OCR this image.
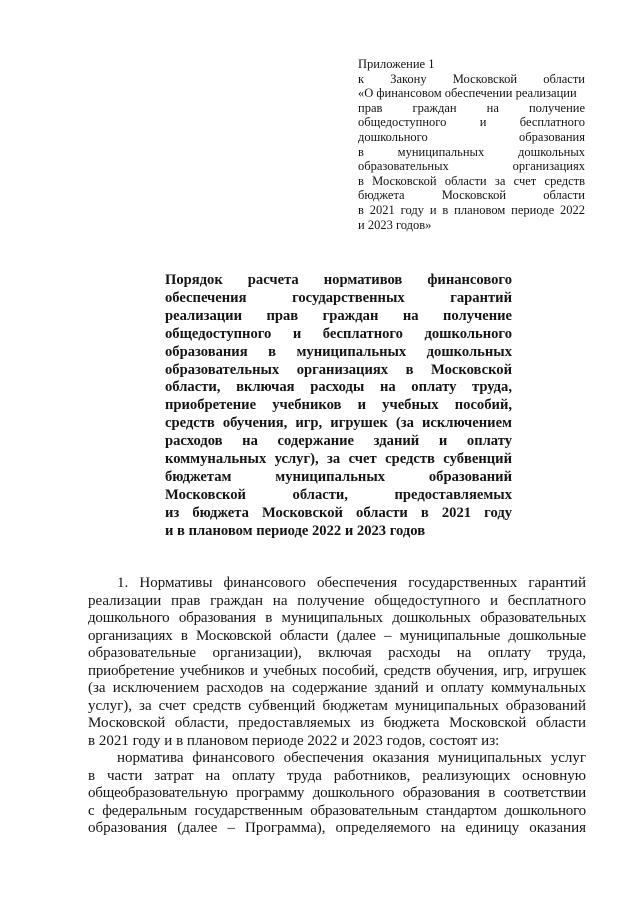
Приложение 1
к Закону Московской области
«О финансовом обеспечении реализации
прав граждан на получение
общедоступного и бесплатного
дошкольного образования
в муниципальных дошкольных
образовательных организациях
в Московской области за счет средств
бюджета Московской области
в 2021 году и в плановом периоде 2022
и 2023 годов»
Порядок расчета нормативов финансового
обеспечения государственных гарантий
реализации прав граждан на получение
общедоступного и бесплатного дошкольного
образования в муниципальных дошкольных
образовательных организациях в Московской
области, включая расходы на оплату труда,
приобретение учебников и учебных пособий,
средств обучения, игр, игрушек (за исключением
расходов на содержание зданий и оплату
коммунальных услуг), за счет средств субвенций
бюджетам муниципальных образований
Московской области, предоставляемых
из бюджета Московской области в 2021 году
и в плановом периоде 2022 и 2023 годов
1. Нормативы финансового обеспечения государственных гарантий
реализации прав граждан на получение общедоступного и бесплатного
дошкольного образования в муниципальных дошкольных образовательных
организациях в Московской области (далее – муниципальные дошкольные
образовательные организации), включая расходы на оплату труда,
приобретение учебников и учебных пособий, средств обучения, игр, игрушек
(за исключением расходов на содержание зданий и оплату коммунальных
услуг), за счет средств субвенций бюджетам муниципальных образований
Московской области, предоставляемых из бюджета Московской области
в 2021 году и в плановом периоде 2022 и 2023 годов, состоят из:
норматива финансового обеспечения оказания муниципальных услуг
в части затрат на оплату труда работников, реализующих основную
общеобразовательную программу дошкольного образования в соответствии
с федеральным государственным образовательным стандартом дошкольного
образования (далее – Программа), определяемого на единицу оказания
